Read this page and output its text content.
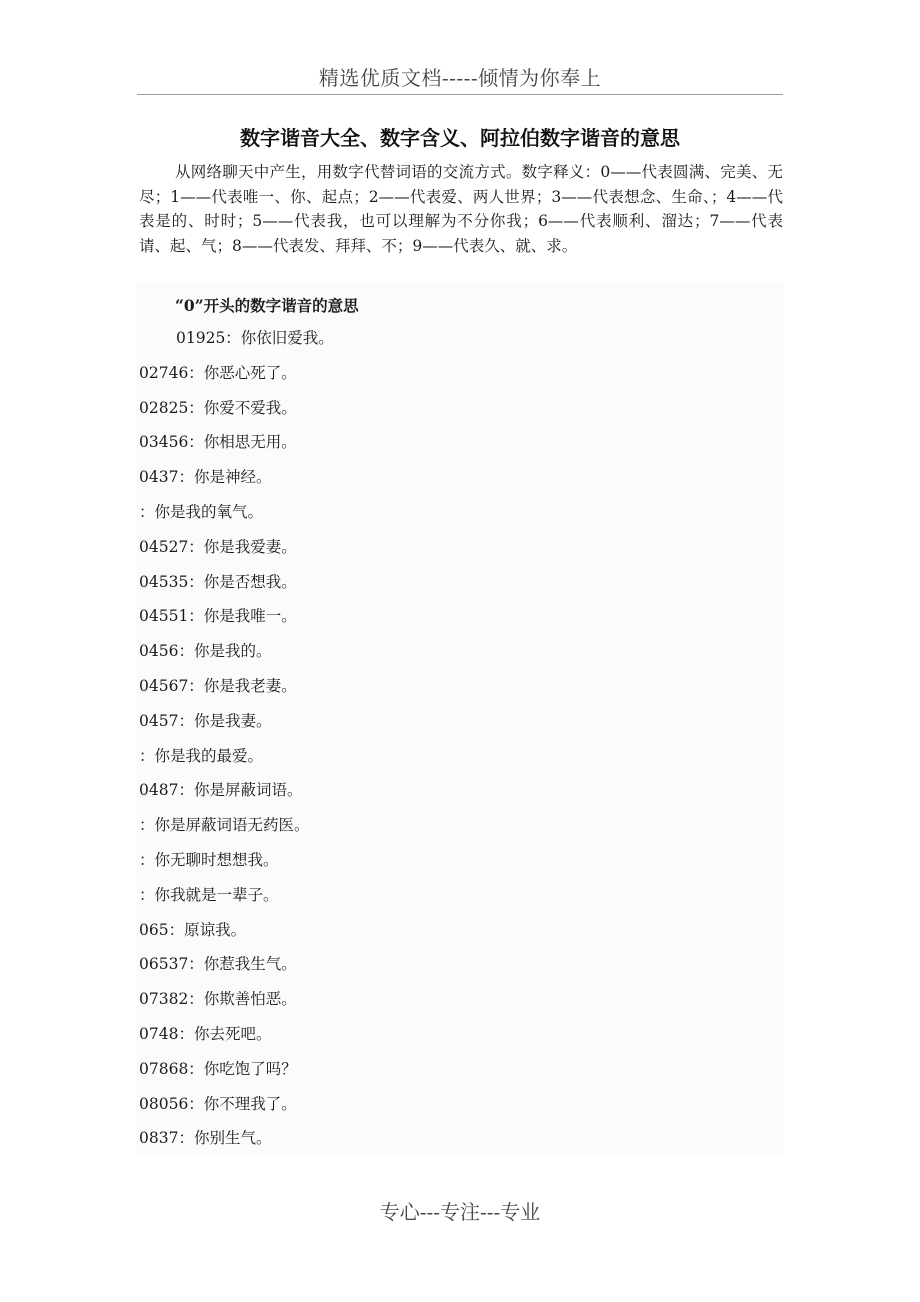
精选优质文档-----倾情为你奉上
数字谐音大全、数字含义、阿拉伯数字谐音的意思

从网络聊天中产生，用数字代替词语的交流方式。数字释义：0——代表圆满、完美、无尽；1——代表唯一、你、起点；2——代表爱、两人世界；3——代表想念、生命、；4——代表是的、时时；5——代表我，也可以理解为不分你我；6——代表顺利、溜达；7——代表请、起、气；8——代表发、拜拜、不；9——代表久、就、求。

“0”开头的数字谐音的意思
01925：你依旧爱我。
02746：你恶心死了。
02825：你爱不爱我。
03456：你相思无用。
0437：你是神经。
：你是我的氧气。
04527：你是我爱妻。
04535：你是否想我。
04551：你是我唯一。
0456：你是我的。
04567：你是我老妻。
0457：你是我妻。
：你是我的最爱。
0487：你是屏蔽词语。
：你是屏蔽词语无药医。
：你无聊时想想我。
：你我就是一辈子。
065：原谅我。
06537：你惹我生气。
07382：你欺善怕恶。
0748：你去死吧。
07868：你吃饱了吗？
08056：你不理我了。
0837：你别生气。
专心---专注---专业
